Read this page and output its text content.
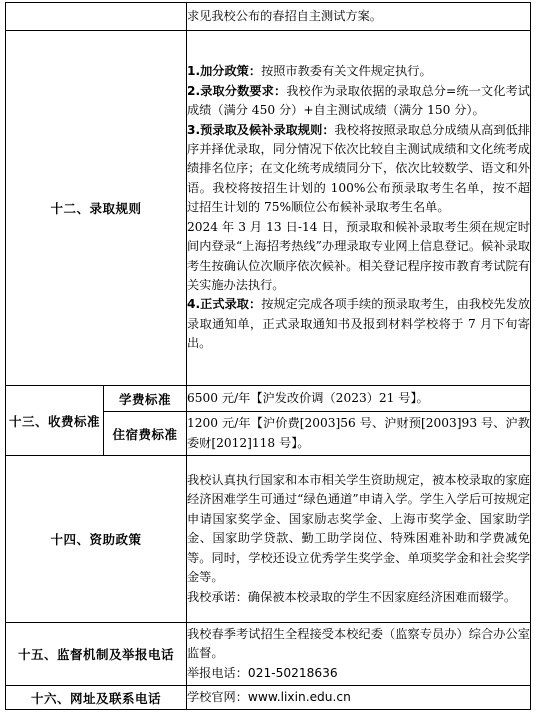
		求见我校公布的春招自主测试方案。

十二、录取规则		1.加分政策：按照市教委有关文件规定执行。

2.录取分数要求：我校作为录取依据的录取总分=统一文化考试成绩（满分 450 分）+自主测试成绩（满分 150 分）。

3.预录取及候补录取规则：我校将按照录取总分成绩从高到低排序并择优录取，同分情况下依次比较自主测试成绩和文化统考成绩排名位序；在文化统考成绩同分下，依次比较数学、语文和外语。我校将按招生计划的 100%公布预录取考生名单，按不超过招生计划的 75%顺位公布候补录取考生名单。

2024 年 3 月 13 日-14 日，预录取和候补录取考生须在规定时间内登录“上海招考热线”办理录取专业网上信息登记。候补录取考生按确认位次顺序依次候补。相关登记程序按市教育考试院有关实施办法执行。

4.正式录取：按规定完成各项手续的预录取考生，由我校先发放录取通知单，正式录取通知书及报到材料学校将于 7 月下旬寄出。

十三、收费标准	学费标准	6500 元/年【沪发改价调（2023）21 号】。
	住宿费标准	1200 元/年【沪价费[2003]56 号、沪财预[2003]93 号、沪教委财[2012]118 号】。
十四、资助政策		我校认真执行国家和本市相关学生资助规定，被本校录取的家庭经济困难学生可通过“绿色通道”申请入学。学生入学后可按规定申请国家奖学金、国家励志奖学金、上海市奖学金、国家助学金、国家助学贷款、勤工助学岗位、特殊困难补助和学费减免等。同时，学校还设立优秀学生奖学金、单项奖学金和社会奖学金等。

我校承诺：确保被本校录取的学生不因家庭经济困难而辍学。

十五、监督机制及举报电话		我校春季考试招生全程接受本校纪委（监察专员办）综合办公室监督。

举报电话：021-50218636

十六、网址及联系电话		学校官网：www.lixin.edu.cn
